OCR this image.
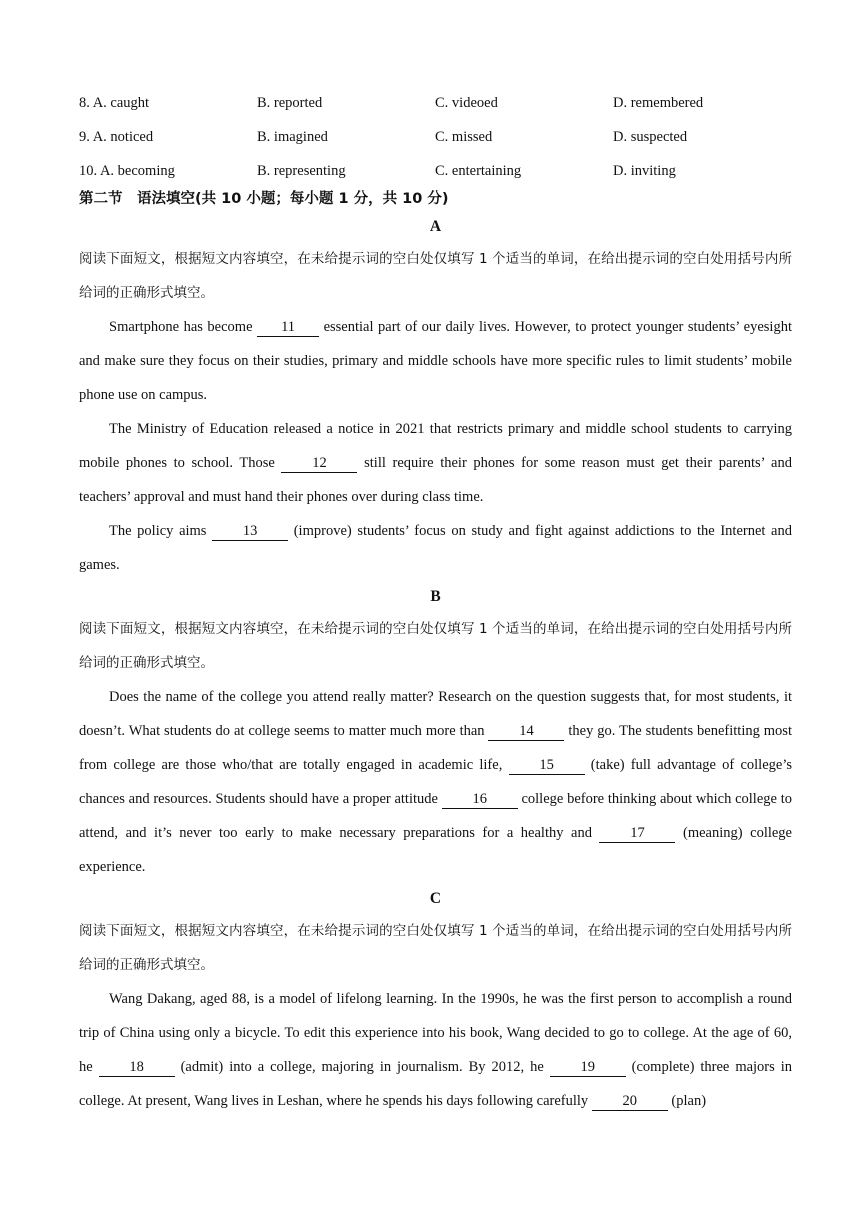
8. A. caught	B. reported	C. videoed	D. remembered
9. A. noticed	B. imagined	C. missed	D. suspected
10. A. becoming	B. representing	C. entertaining	D. inviting
第二节　语法填空(共 10 小题；每小题 1 分，共 10 分)
A
阅读下面短文，根据短文内容填空，在未给提示词的空白处仅填写 1 个适当的单词，在给出提示词的空白处用括号内所给词的正确形式填空。
Smartphone has become 11 essential part of our daily lives. However, to protect younger students’ eyesight and make sure they focus on their studies, primary and middle schools have more specific rules to limit students’ mobile phone use on campus.
The Ministry of Education released a notice in 2021 that restricts primary and middle school students to carrying mobile phones to school. Those 12 still require their phones for some reason must get their parents’ and teachers’ approval and must hand their phones over during class time.
The policy aims 13 (improve) students’ focus on study and fight against addictions to the Internet and games.
B
阅读下面短文，根据短文内容填空，在未给提示词的空白处仅填写 1 个适当的单词，在给出提示词的空白处用括号内所给词的正确形式填空。
Does the name of the college you attend really matter? Research on the question suggests that, for most students, it doesn’t. What students do at college seems to matter much more than 14 they go. The students benefitting most from college are those who/that are totally engaged in academic life, 15 (take) full advantage of college’s chances and resources. Students should have a proper attitude 16 college before thinking about which college to attend, and it’s never too early to make necessary preparations for a healthy and 17 (meaning) college experience.
C
阅读下面短文，根据短文内容填空，在未给提示词的空白处仅填写 1 个适当的单词，在给出提示词的空白处用括号内所给词的正确形式填空。
Wang Dakang, aged 88, is a model of lifelong learning. In the 1990s, he was the first person to accomplish a round trip of China using only a bicycle. To edit this experience into his book, Wang decided to go to college. At the age of 60, he 18 (admit) into a college, majoring in journalism. By 2012, he 19 (complete) three majors in college. At present, Wang lives in Leshan, where he spends his days following carefully 20 (plan)
